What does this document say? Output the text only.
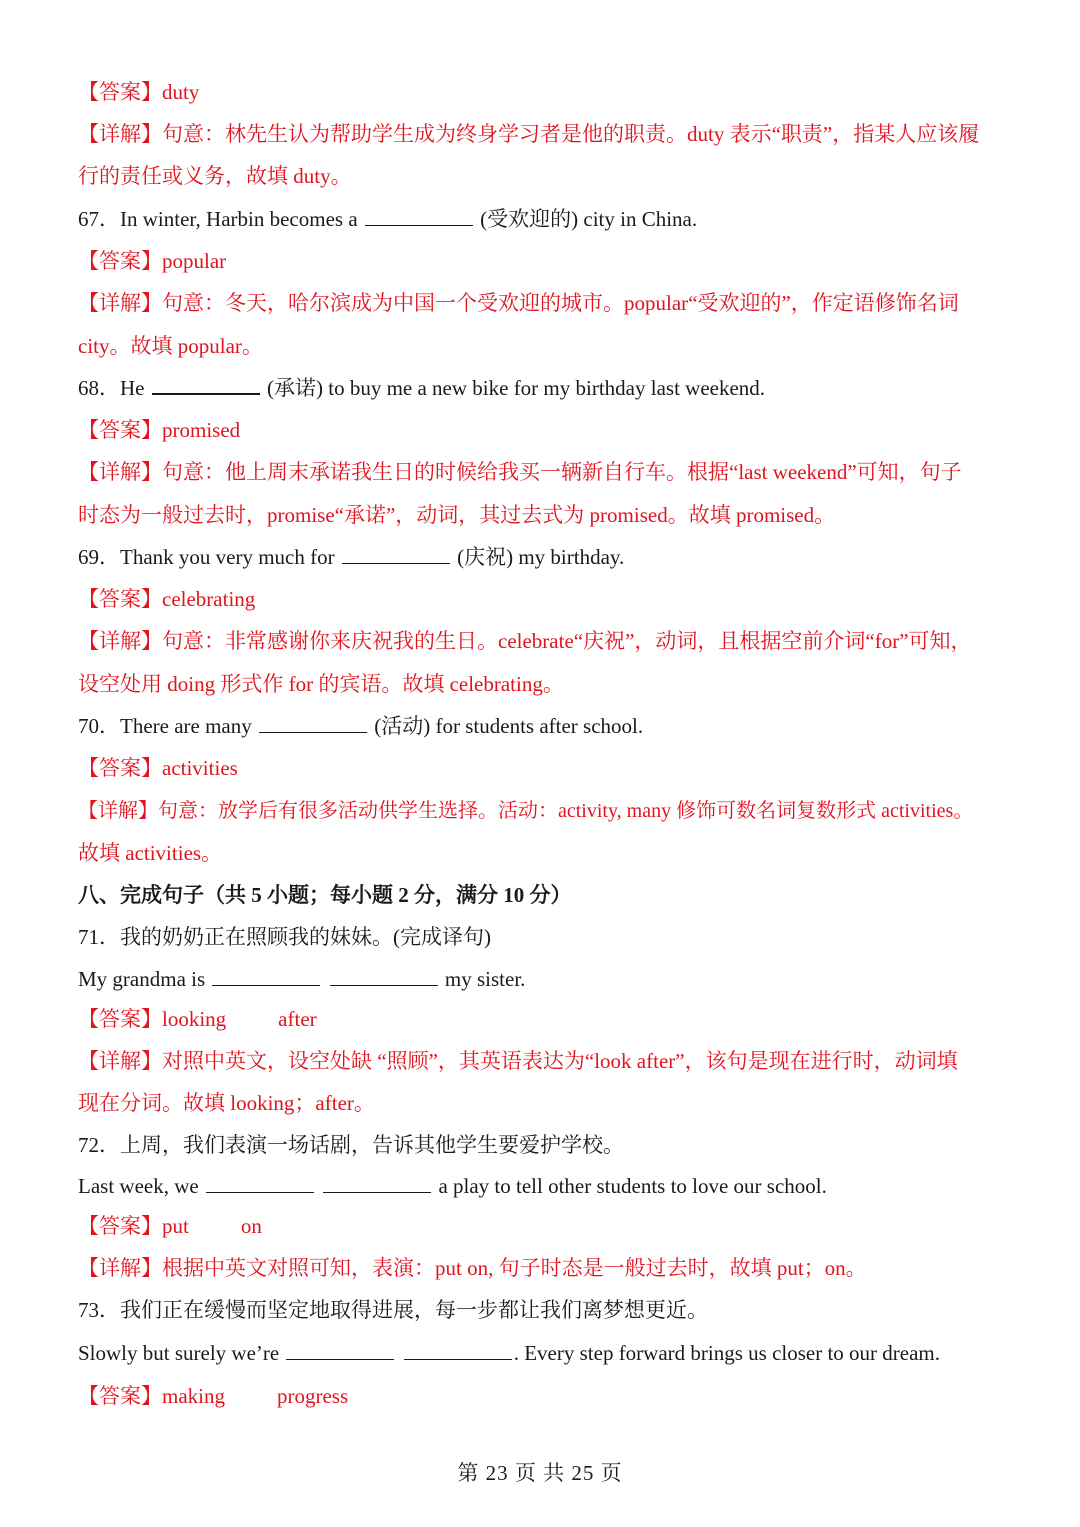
【答案】duty
【详解】句意：林先生认为帮助学生成为终身学习者是他的职责。duty 表示“职责”，指某人应该履
行的责任或义务，故填 duty。
67．In winter, Harbin becomes a	(受欢迎的) city in China.
【答案】popular
【详解】句意：冬天，哈尔滨成为中国一个受欢迎的城市。popular“受欢迎的”，作定语修饰名词
city。故填 popular。
68．He	(承诺) to buy me a new bike for my birthday last weekend.
【答案】promised
【详解】句意：他上周末承诺我生日的时候给我买一辆新自行车。根据“last weekend”可知，句子
时态为一般过去时，promise“承诺”，动词，其过去式为 promised。故填 promised。
69．Thank you very much for	(庆祝) my birthday.
【答案】celebrating
【详解】句意：非常感谢你来庆祝我的生日。celebrate“庆祝”，动词，且根据空前介词“for”可知，
设空处用 doing 形式作 for 的宾语。故填 celebrating。
70．There are many	(活动) for students after school.
【答案】activities
【详解】句意：放学后有很多活动供学生选择。活动：activity, many 修饰可数名词复数形式 activities。
故填 activities。
八、完成句子（共 5 小题；每小题 2 分，满分 10 分）
71．我的奶奶正在照顾我的妹妹。(完成译句)
My grandma is	my sister.
【答案】looking after
【详解】对照中英文，设空处缺 “照顾”，其英语表达为“look after”，该句是现在进行时，动词填
现在分词。故填 looking；after。
72．上周，我们表演一场话剧，告诉其他学生要爱护学校。
Last week, we	a play to tell other students to love our school.
【答案】put on
【详解】根据中英文对照可知，表演：put on, 句子时态是一般过去时，故填 put；on。
73．我们正在缓慢而坚定地取得进展，每一步都让我们离梦想更近。
Slowly but surely we’re	. Every step forward brings us closer to our dream.
【答案】making progress
第 23 页 共 25 页
